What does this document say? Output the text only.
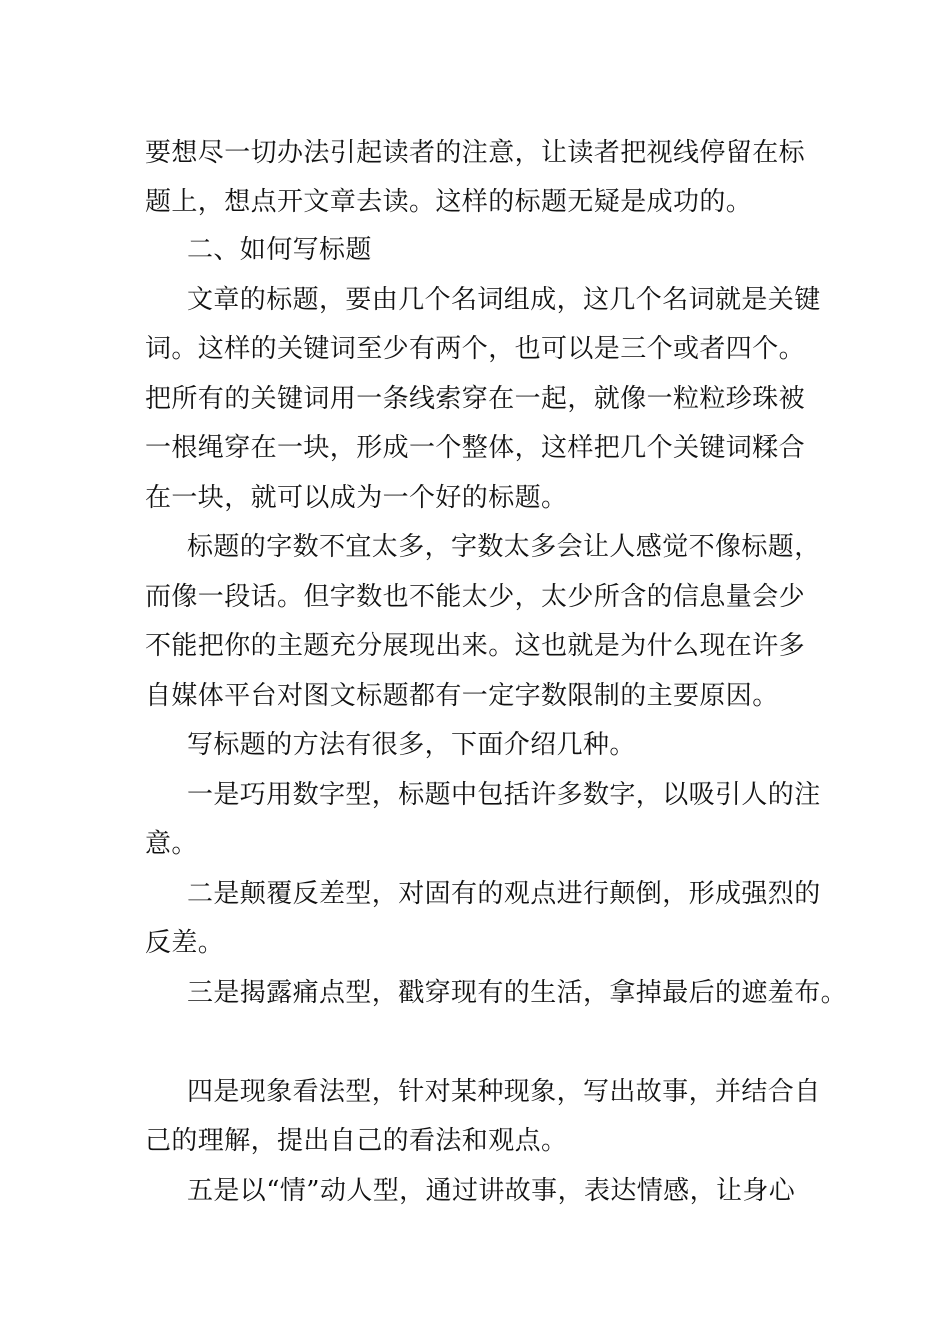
要想尽一切办法引起读者的注意，让读者把视线停留在标
题上，想点开文章去读。这样的标题无疑是成功的。
二、如何写标题
文章的标题，要由几个名词组成，这几个名词就是关键
词。这样的关键词至少有两个，也可以是三个或者四个。
把所有的关键词用一条线索穿在一起，就像一粒粒珍珠被
一根绳穿在一块，形成一个整体，这样把几个关键词糅合
在一块，就可以成为一个好的标题。
标题的字数不宜太多，字数太多会让人感觉不像标题，
而像一段话。但字数也不能太少，太少所含的信息量会少
不能把你的主题充分展现出来。这也就是为什么现在许多
自媒体平台对图文标题都有一定字数限制的主要原因。
写标题的方法有很多，下面介绍几种。
一是巧用数字型，标题中包括许多数字，以吸引人的注
意。
二是颠覆反差型，对固有的观点进行颠倒，形成强烈的
反差。
三是揭露痛点型，戳穿现有的生活，拿掉最后的遮羞布。
四是现象看法型，针对某种现象，写出故事，并结合自
己的理解，提出自己的看法和观点。
五是以“情”动人型，通过讲故事，表达情感，让身心
